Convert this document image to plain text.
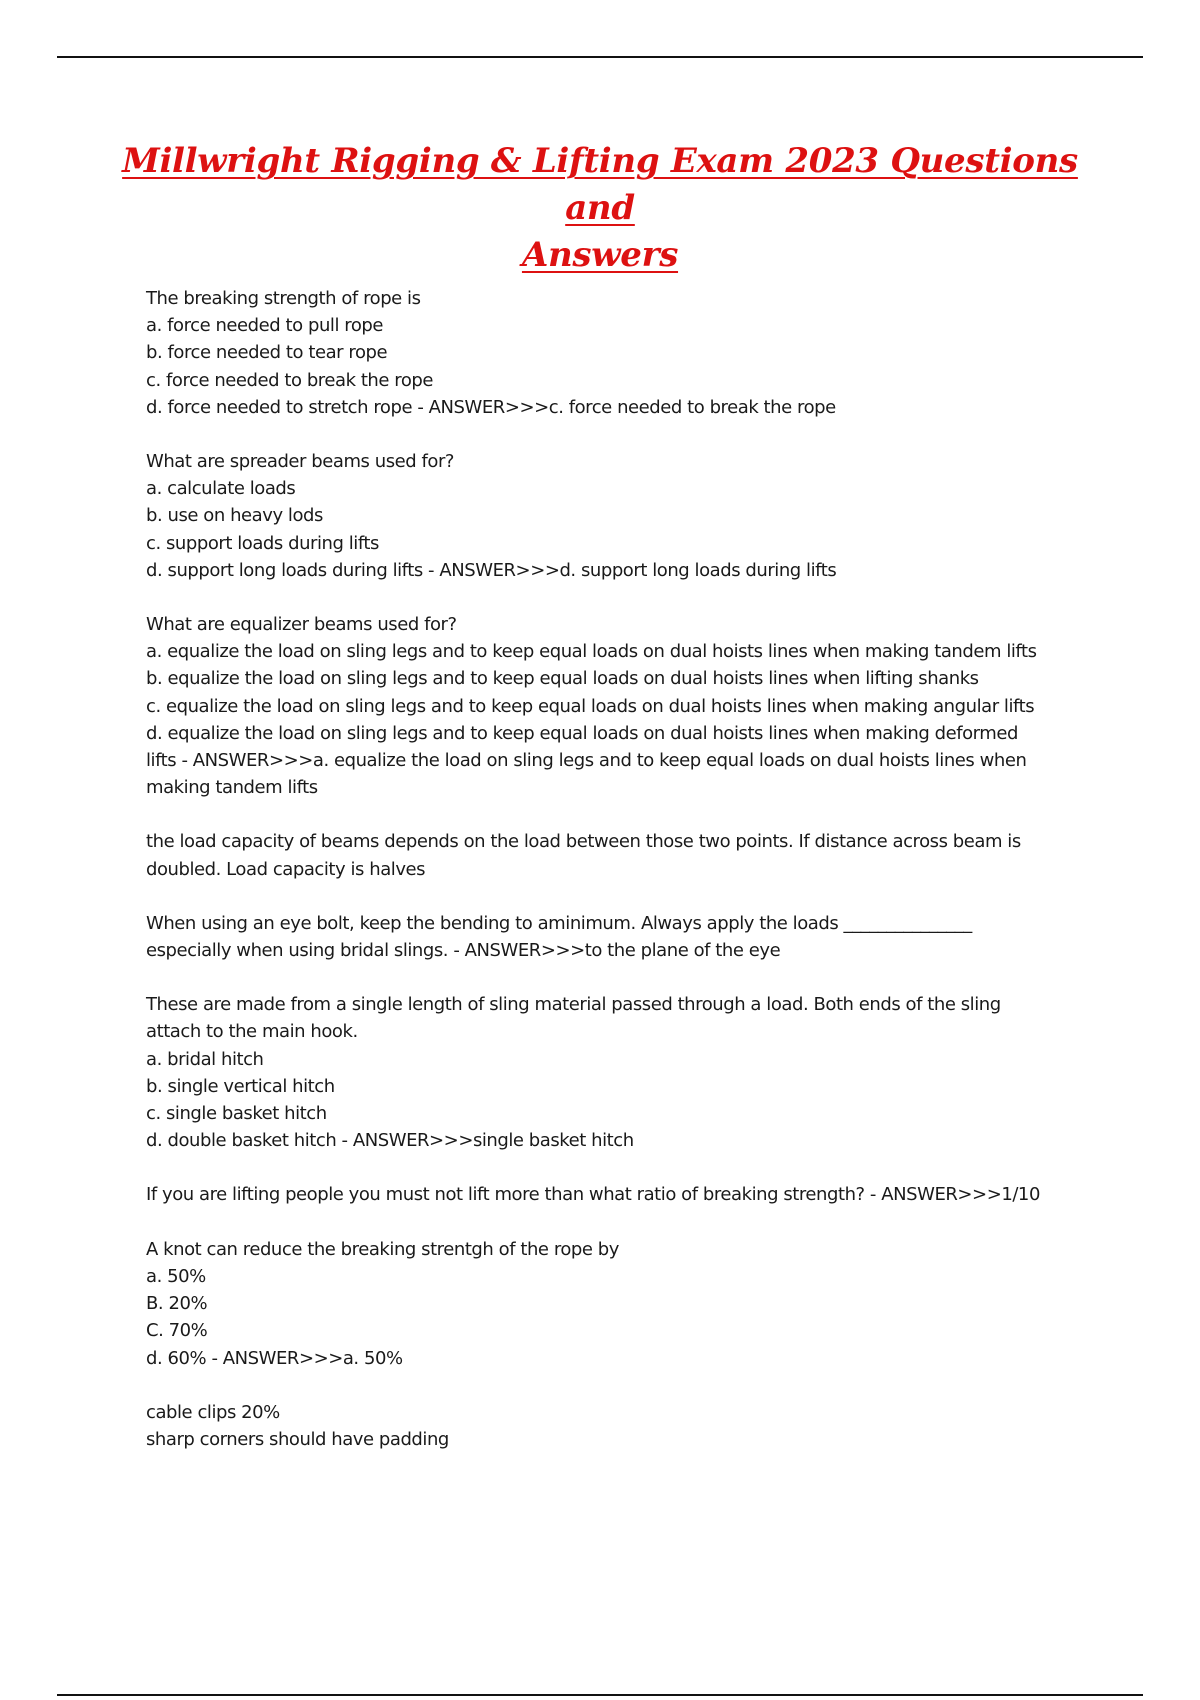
Millwright Rigging & Lifting Exam 2023 Questions and
Answers
The breaking strength of rope is
a. force needed to pull rope
b. force needed to tear rope
c. force needed to break the rope
d. force needed to stretch rope - ANSWER>>>c. force needed to break the rope
What are spreader beams used for?
a. calculate loads
b. use on heavy lods
c. support loads during lifts
d. support long loads during lifts - ANSWER>>>d. support long loads during lifts
What are equalizer beams used for?
a. equalize the load on sling legs and to keep equal loads on dual hoists lines when making tandem lifts
b. equalize the load on sling legs and to keep equal loads on dual hoists lines when lifting shanks
c. equalize the load on sling legs and to keep equal loads on dual hoists lines when making angular lifts
d. equalize the load on sling legs and to keep equal loads on dual hoists lines when making deformed
lifts - ANSWER>>>a. equalize the load on sling legs and to keep equal loads on dual hoists lines when
making tandem lifts
the load capacity of beams depends on the load between those two points. If distance across beam is
doubled. Load capacity is halves
When using an eye bolt, keep the bending to aminimum. Always apply the loads _______________
especially when using bridal slings. - ANSWER>>>to the plane of the eye
These are made from a single length of sling material passed through a load. Both ends of the sling
attach to the main hook.
a. bridal hitch
b. single vertical hitch
c. single basket hitch
d. double basket hitch - ANSWER>>>single basket hitch
If you are lifting people you must not lift more than what ratio of breaking strength? - ANSWER>>>1/10
A knot can reduce the breaking strentgh of the rope by
a. 50%
B. 20%
C. 70%
d. 60% - ANSWER>>>a. 50%
cable clips 20%
sharp corners should have padding
